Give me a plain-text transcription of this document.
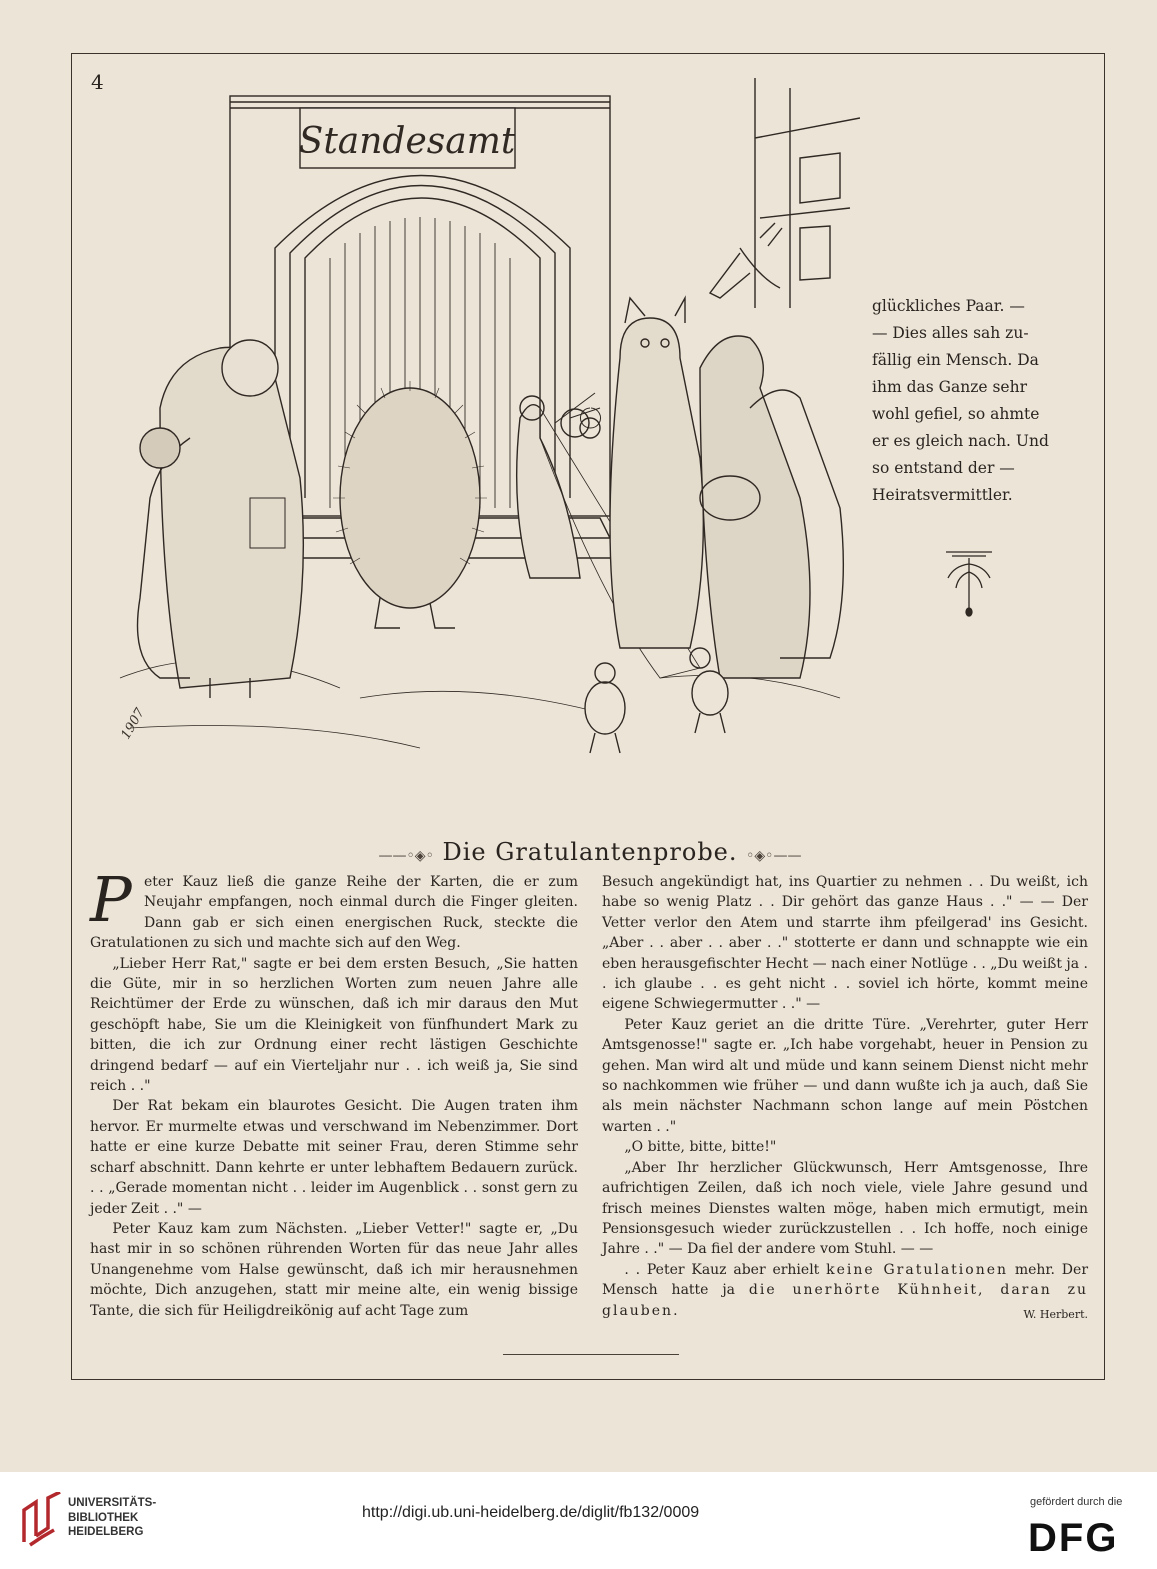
4
Standesamt
1907
glückliches Paar. —
— Dies alles sah zu-
fällig ein Mensch. Da
ihm das Ganze sehr
wohl gefiel, so ahmte
er es gleich nach. Und
so entstand der —
Heiratsvermittler.
——◦◈◦ Die Gratulantenprobe. ◦◈◦——

Peter Kauz ließ die ganze Reihe der Karten, die er zum Neujahr empfangen, noch einmal durch die Finger gleiten. Dann gab er sich einen energischen Ruck, steckte die Gratulationen zu sich und machte sich auf den Weg.

„Lieber Herr Rat," sagte er bei dem ersten Besuch, „Sie hatten die Güte, mir in so herzlichen Worten zum neuen Jahre alle Reichtümer der Erde zu wünschen, daß ich mir daraus den Mut geschöpft habe, Sie um die Kleinigkeit von fünfhundert Mark zu bitten, die ich zur Ordnung einer recht lästigen Geschichte dringend bedarf — auf ein Vierteljahr nur . . ich weiß ja, Sie sind reich . ."

Der Rat bekam ein blaurotes Gesicht. Die Augen traten ihm hervor. Er murmelte etwas und verschwand im Nebenzimmer. Dort hatte er eine kurze Debatte mit seiner Frau, deren Stimme sehr scharf abschnitt. Dann kehrte er unter lebhaftem Bedauern zurück. . . „Gerade momentan nicht . . leider im Augenblick . . sonst gern zu jeder Zeit . ." —

Peter Kauz kam zum Nächsten. „Lieber Vetter!" sagte er, „Du hast mir in so schönen rührenden Worten für das neue Jahr alles Unangenehme vom Halse gewünscht, daß ich mir herausnehmen möchte, Dich anzugehen, statt mir meine alte, ein wenig bissige Tante, die sich für Heiligdreikönig auf acht Tage zum

Besuch angekündigt hat, ins Quartier zu nehmen . . Du weißt, ich habe so wenig Platz . . Dir gehört das ganze Haus . ." — — Der Vetter verlor den Atem und starrte ihm pfeilgerad' ins Gesicht. „Aber . . aber . . aber . ." stotterte er dann und schnappte wie ein eben herausgefischter Hecht — nach einer Notlüge . . „Du weißt ja . . ich glaube . . es geht nicht . . soviel ich hörte, kommt meine eigene Schwiegermutter . ." —

Peter Kauz geriet an die dritte Türe. „Verehrter, guter Herr Amtsgenosse!" sagte er. „Ich habe vorgehabt, heuer in Pension zu gehen. Man wird alt und müde und kann seinem Dienst nicht mehr so nachkommen wie früher — und dann wußte ich ja auch, daß Sie als mein nächster Nachmann schon lange auf mein Pöstchen warten . ."

„O bitte, bitte, bitte!"

„Aber Ihr herzlicher Glückwunsch, Herr Amtsgenosse, Ihre aufrichtigen Zeilen, daß ich noch viele, viele Jahre gesund und frisch meines Dienstes walten möge, haben mich ermutigt, mein Pensionsgesuch wieder zurückzustellen . . Ich hoffe, noch einige Jahre . ." — Da fiel der andere vom Stuhl. — —

. . Peter Kauz aber erhielt keine Gratulationen mehr. Der Mensch hatte ja die unerhörte Kühnheit, daran zu glauben.	W. Herbert.

UNIVERSITÄTS-
BIBLIOTHEK
HEIDELBERG
http://digi.ub.uni-heidelberg.de/diglit/fb132/0009
gefördert durch die
DFG
